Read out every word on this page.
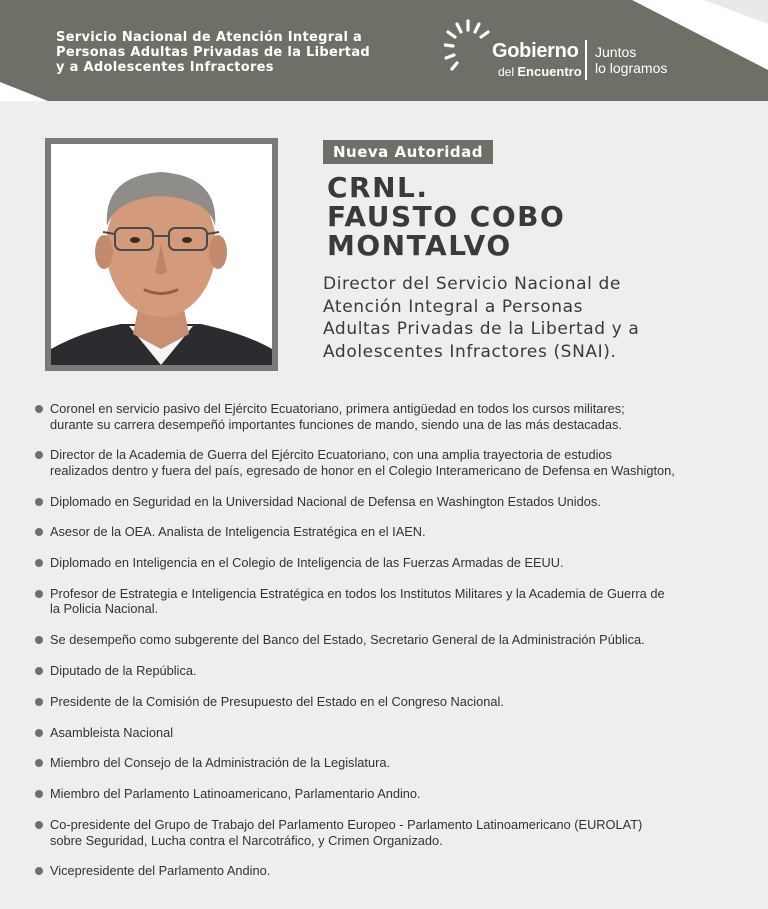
Servicio Nacional de Atención Integral a
Personas Adultas Privadas de la Libertad
y a Adolescentes Infractores
Gobierno
del Encuentro
Juntos
lo logramos
Nueva Autoridad
CRNL.
FAUSTO COBO
MONTALVO
Director del Servicio Nacional de
Atención Integral a Personas
Adultas Privadas de la Libertad y a
Adolescentes Infractores (SNAI).
Coronel en servicio pasivo del Ejército Ecuatoriano, primera antigüedad en todos los cursos militares;
durante su carrera desempeñó importantes funciones de mando, siendo una de las más destacadas.
Director de la Academia de Guerra del Ejército Ecuatoriano, con una amplia trayectoria de estudios
realizados dentro y fuera del país, egresado de honor en el Colegio Interamericano de Defensa en Washigton,
Diplomado en Seguridad en la Universidad Nacional de Defensa en Washington Estados Unidos.
Asesor de la OEA. Analista de Inteligencia Estratégica en el IAEN.
Diplomado en Inteligencia en el Colegio de Inteligencia de las Fuerzas Armadas de EEUU.
Profesor de Estrategia e Inteligencia Estratégica en todos los Institutos Militares y la Academia de Guerra de
la Policia Nacional.
Se desempeño como subgerente del Banco del Estado, Secretario General de la Administración Pública.
Diputado de la República.
Presidente de la Comisión de Presupuesto del Estado en el Congreso Nacional.
Asambleista Nacional
Miembro del Consejo de la Administración de la Legislatura.
Miembro del Parlamento Latinoamericano, Parlamentario Andino.
Co-presidente del Grupo de Trabajo del Parlamento Europeo - Parlamento Latinoamericano (EUROLAT)
sobre Seguridad, Lucha contra el Narcotráfico, y Crimen Organizado.
Vicepresidente del Parlamento Andino.
